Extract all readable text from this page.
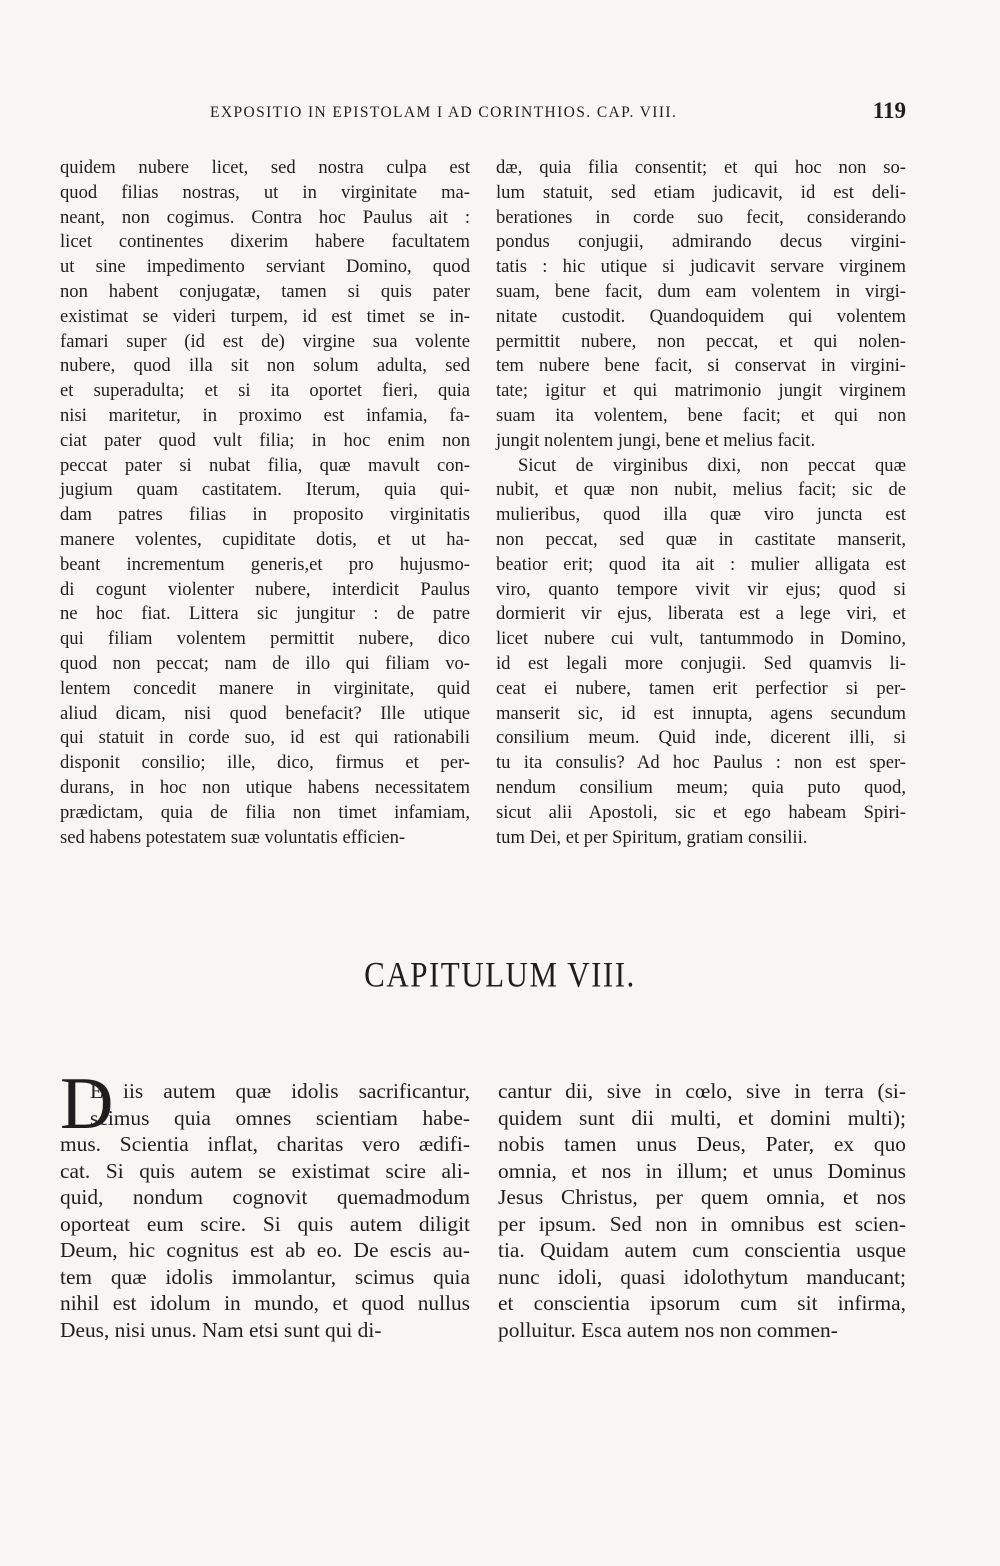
EXPOSITIO IN EPISTOLAM I AD CORINTHIOS. CAP. VIII.	119
quidem nubere licet, sed nostra culpa est
quod filias nostras, ut in virginitate ma-
neant, non cogimus. Contra hoc Paulus ait :
licet continentes dixerim habere facultatem
ut sine impedimento serviant Domino, quod
non habent conjugatæ, tamen si quis pater
existimat se videri turpem, id est timet se in-
famari super (id est de) virgine sua volente
nubere, quod illa sit non solum adulta, sed
et superadulta; et si ita oportet fieri, quia
nisi maritetur, in proximo est infamia, fa-
ciat pater quod vult filia; in hoc enim non
peccat pater si nubat filia, quæ mavult con-
jugium quam castitatem. Iterum, quia qui-
dam patres filias in proposito virginitatis
manere volentes, cupiditate dotis, et ut ha-
beant incrementum generis,et pro hujusmo-
di cogunt violenter nubere, interdicit Paulus
ne hoc fiat. Littera sic jungitur : de patre
qui filiam volentem permittit nubere, dico
quod non peccat; nam de illo qui filiam vo-
lentem concedit manere in virginitate, quid
aliud dicam, nisi quod benefacit? Ille utique
qui statuit in corde suo, id est qui rationabili
disponit consilio; ille, dico, firmus et per-
durans, in hoc non utique habens necessitatem
prædictam, quia de filia non timet infamiam,
sed habens potestatem suæ voluntatis efficien-
dæ, quia filia consentit; et qui hoc non so-
lum statuit, sed etiam judicavit, id est deli-
berationes in corde suo fecit, considerando
pondus conjugii, admirando decus virgini-
tatis : hic utique si judicavit servare virginem
suam, bene facit, dum eam volentem in virgi-
nitate custodit. Quandoquidem qui volentem
permittit nubere, non peccat, et qui nolen-
tem nubere bene facit, si conservat in virgini-
tate; igitur et qui matrimonio jungit virginem
suam ita volentem, bene facit; et qui non
jungit nolentem jungi, bene et melius facit.
Sicut de virginibus dixi, non peccat quæ
nubit, et quæ non nubit, melius facit; sic de
mulieribus, quod illa quæ viro juncta est
non peccat, sed quæ in castitate manserit,
beatior erit; quod ita ait : mulier alligata est
viro, quanto tempore vivit vir ejus; quod si
dormierit vir ejus, liberata est a lege viri, et
licet nubere cui vult, tantummodo in Domino,
id est legali more conjugii. Sed quamvis li-
ceat ei nubere, tamen erit perfectior si per-
manserit sic, id est innupta, agens secundum
consilium meum. Quid inde, dicerent illi, si
tu ita consulis? Ad hoc Paulus : non est sper-
nendum consilium meum; quia puto quod,
sicut alii Apostoli, sic et ego habeam Spiri-
tum Dei, et per Spiritum, gratiam consilii.
CAPITULUM VIII.
D
E iis autem quæ idolis sacrificantur,
scimus quia omnes scientiam habe-
mus. Scientia inflat, charitas vero ædifi-
cat. Si quis autem se existimat scire ali-
quid, nondum cognovit quemadmodum
oporteat eum scire. Si quis autem diligit
Deum, hic cognitus est ab eo. De escis au-
tem quæ idolis immolantur, scimus quia
nihil est idolum in mundo, et quod nullus
Deus, nisi unus. Nam etsi sunt qui di-
cantur dii, sive in cœlo, sive in terra (si-
quidem sunt dii multi, et domini multi);
nobis tamen unus Deus, Pater, ex quo
omnia, et nos in illum; et unus Dominus
Jesus Christus, per quem omnia, et nos
per ipsum. Sed non in omnibus est scien-
tia. Quidam autem cum conscientia usque
nunc idoli, quasi idolothytum manducant;
et conscientia ipsorum cum sit infirma,
polluitur. Esca autem nos non commen-
